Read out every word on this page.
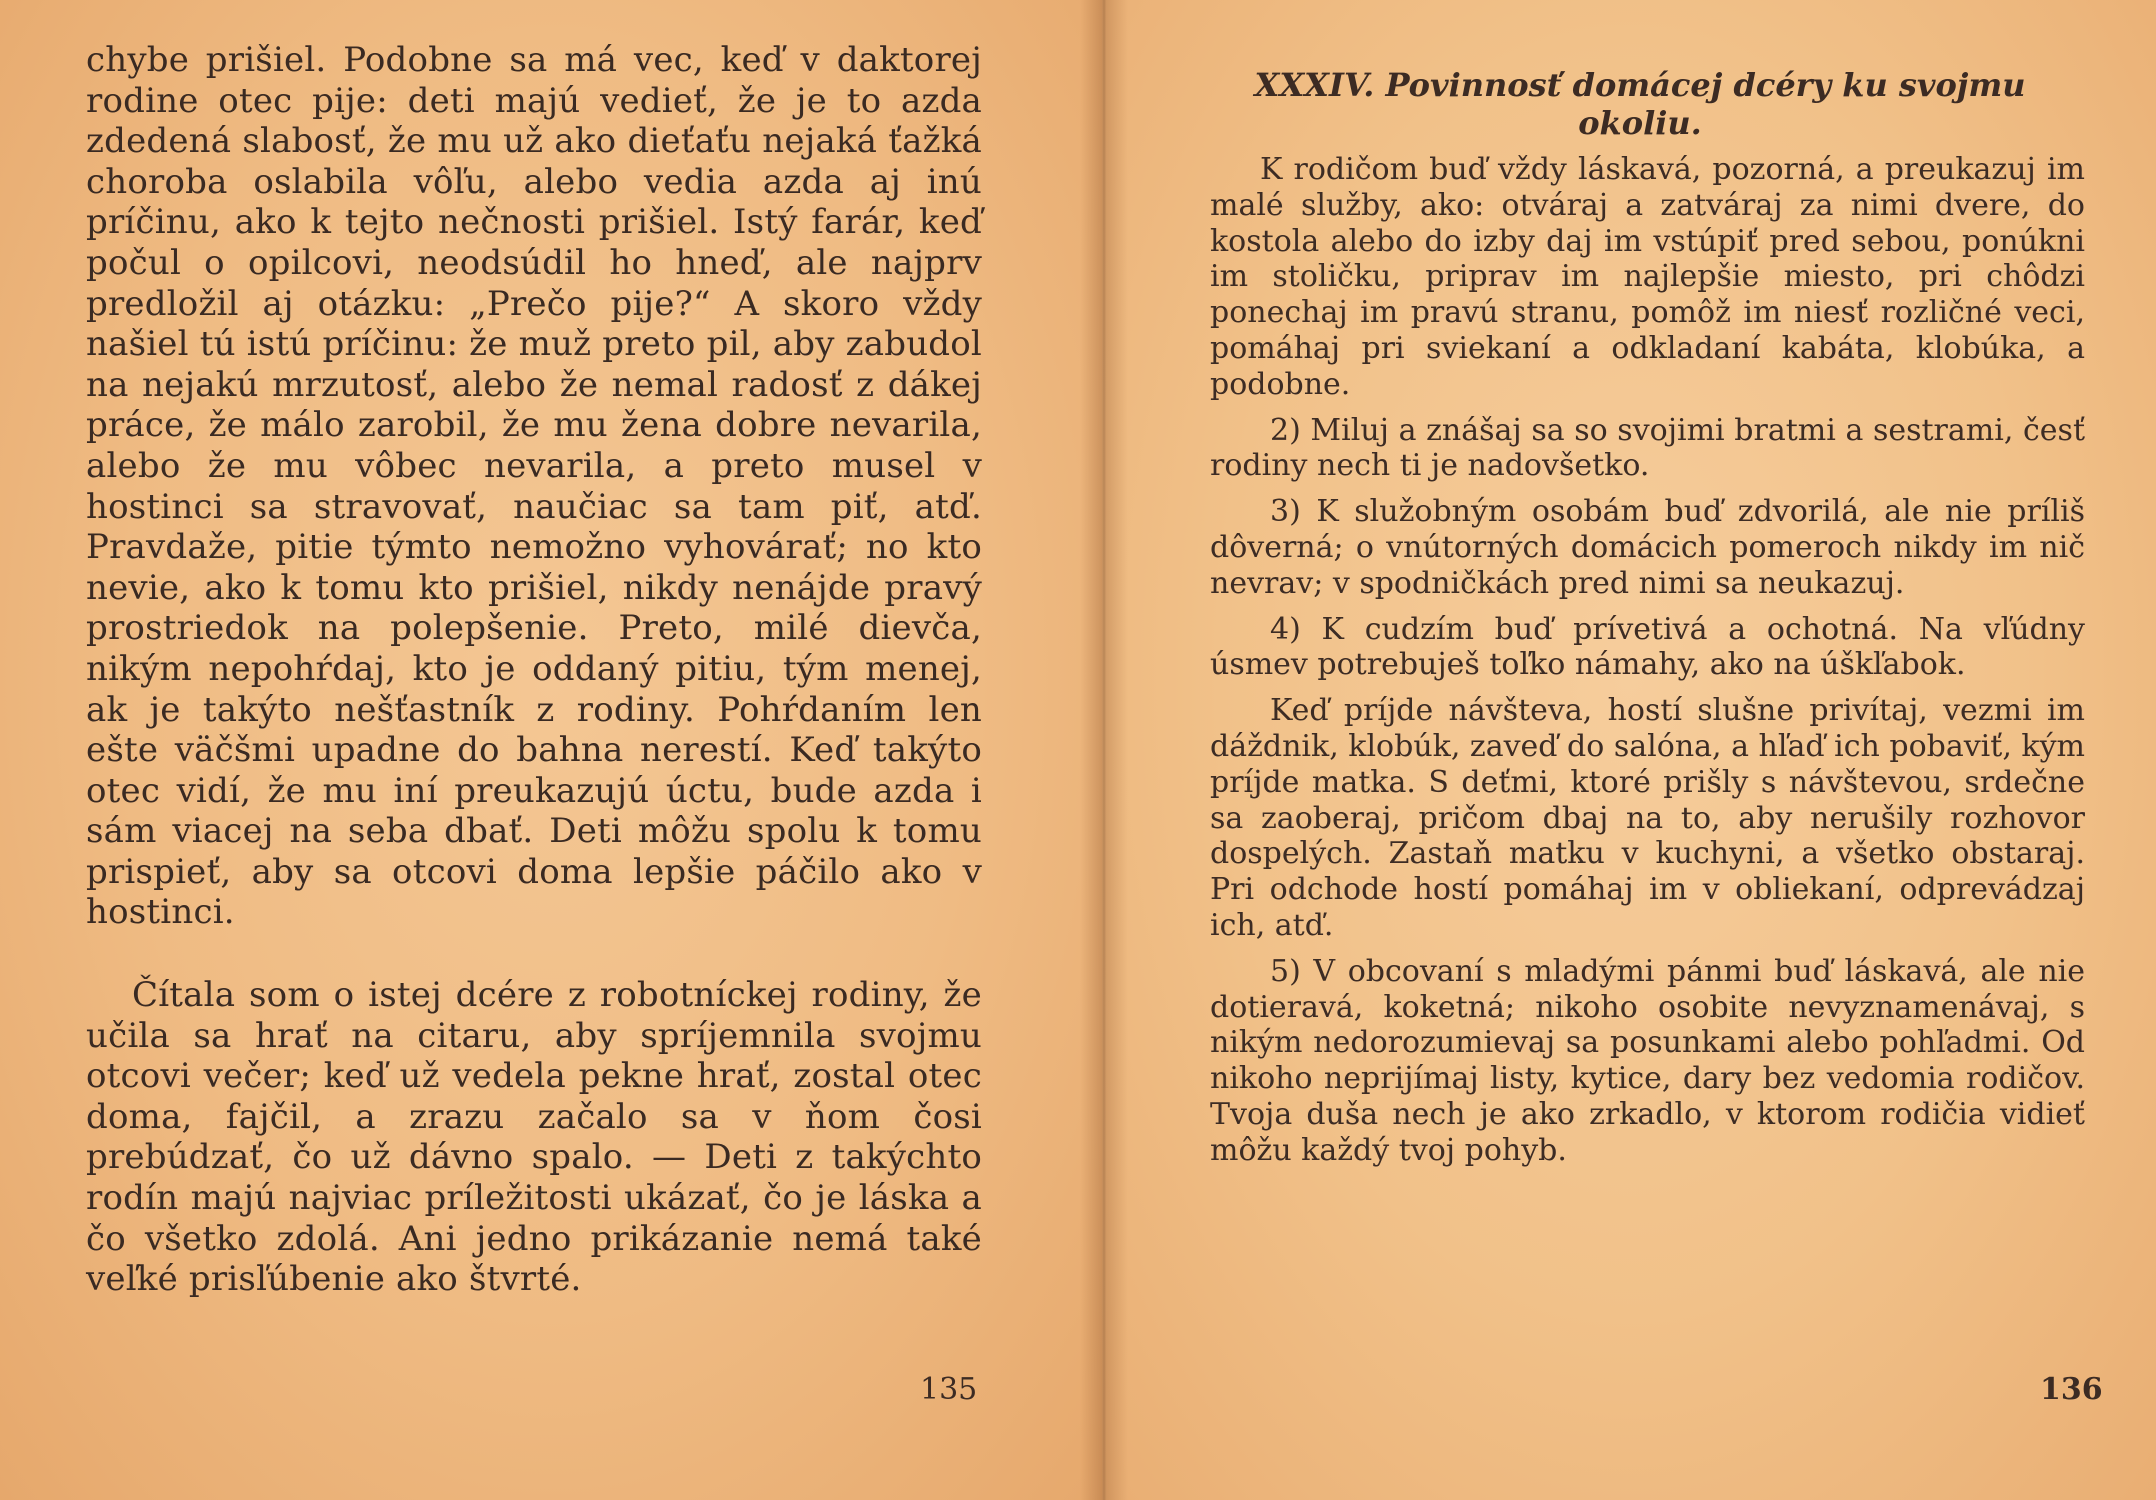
chybe prišiel. Podobne sa má vec, keď v daktorej rodine otec pije: deti majú vedieť, že je to azda zdedená slabosť, že mu už ako dieťaťu nejaká ťažká choroba oslabila vôľu, alebo vedia azda aj inú príčinu, ako k tejto nečnosti prišiel. Istý farár, keď počul o opilcovi, neodsúdil ho hneď, ale najprv predložil aj otázku: „Prečo pije?“ A skoro vždy našiel tú istú príčinu: že muž preto pil, aby zabudol na nejakú mrzutosť, alebo že nemal radosť z dákej práce, že málo zarobil, že mu žena dobre nevarila, alebo že mu vôbec nevarila, a preto musel v hostinci sa stravovať, naučiac sa tam piť, atď. Pravdaže, pitie týmto nemožno vyhovárať; no kto nevie, ako k tomu kto prišiel, nikdy nenájde pravý prostriedok na polepšenie. Preto, milé dievča, nikým nepohŕdaj, kto je oddaný pitiu, tým menej, ak je takýto nešťastník z rodiny. Pohŕdaním len ešte väčšmi upadne do bahna nerestí. Keď takýto otec vidí, že mu iní preukazujú úctu, bude azda i sám viacej na seba dbať. Deti môžu spolu k tomu prispieť, aby sa otcovi doma lepšie páčilo ako v hostinci.

Čítala som o istej dcére z robotníckej rodiny, že učila sa hrať na citaru, aby spríjemnila svojmu otcovi večer; keď už vedela pekne hrať, zostal otec doma, fajčil, a zrazu začalo sa v ňom čosi prebúdzať, čo už dávno spalo. — Deti z takýchto rodín majú najviac príležitosti ukázať, čo je láska a čo všetko zdolá. Ani jedno prikázanie nemá také veľké prisľúbenie ako štvrté.

XXXIV. Povinnosť domácej dcéry ku svojmu okoliu.

K rodičom buď vždy láskavá, pozorná, a preukazuj im malé služby, ako: otváraj a zatváraj za nimi dvere, do kostola alebo do izby daj im vstúpiť pred sebou, ponúkni im stoličku, priprav im najlepšie miesto, pri chôdzi ponechaj im pravú stranu, pomôž im niesť rozličné veci, pomáhaj pri sviekaní a odkladaní kabáta, klobúka, a podobne.

2) Miluj a znášaj sa so svojimi bratmi a sestrami, česť rodiny nech ti je nadovšetko.

3) K služobným osobám buď zdvorilá, ale nie príliš dôverná; o vnútorných domácich pomeroch nikdy im nič nevrav; v spodničkách pred nimi sa neukazuj.

4) K cudzím buď prívetivá a ochotná. Na vľúdny úsmev potrebuješ toľko námahy, ako na úškľabok.

Keď príjde návšteva, hostí slušne privítaj, vezmi im dáždnik, klobúk, zaveď do salóna, a hľaď ich pobaviť, kým príjde matka. S deťmi, ktoré prišly s návštevou, srdečne sa zaoberaj, pričom dbaj na to, aby nerušily rozhovor dospelých. Zastaň matku v kuchyni, a všetko obstaraj. Pri odchode hostí pomáhaj im v obliekaní, odprevádzaj ich, atď.

5) V obcovaní s mladými pánmi buď láskavá, ale nie dotieravá, koketná; nikoho osobite nevyznamenávaj, s nikým nedorozumievaj sa posunkami alebo pohľadmi. Od nikoho neprijímaj listy, kytice, dary bez vedomia rodičov. Tvoja duša nech je ako zrkadlo, v ktorom rodičia vidieť môžu každý tvoj pohyb.

135	136
